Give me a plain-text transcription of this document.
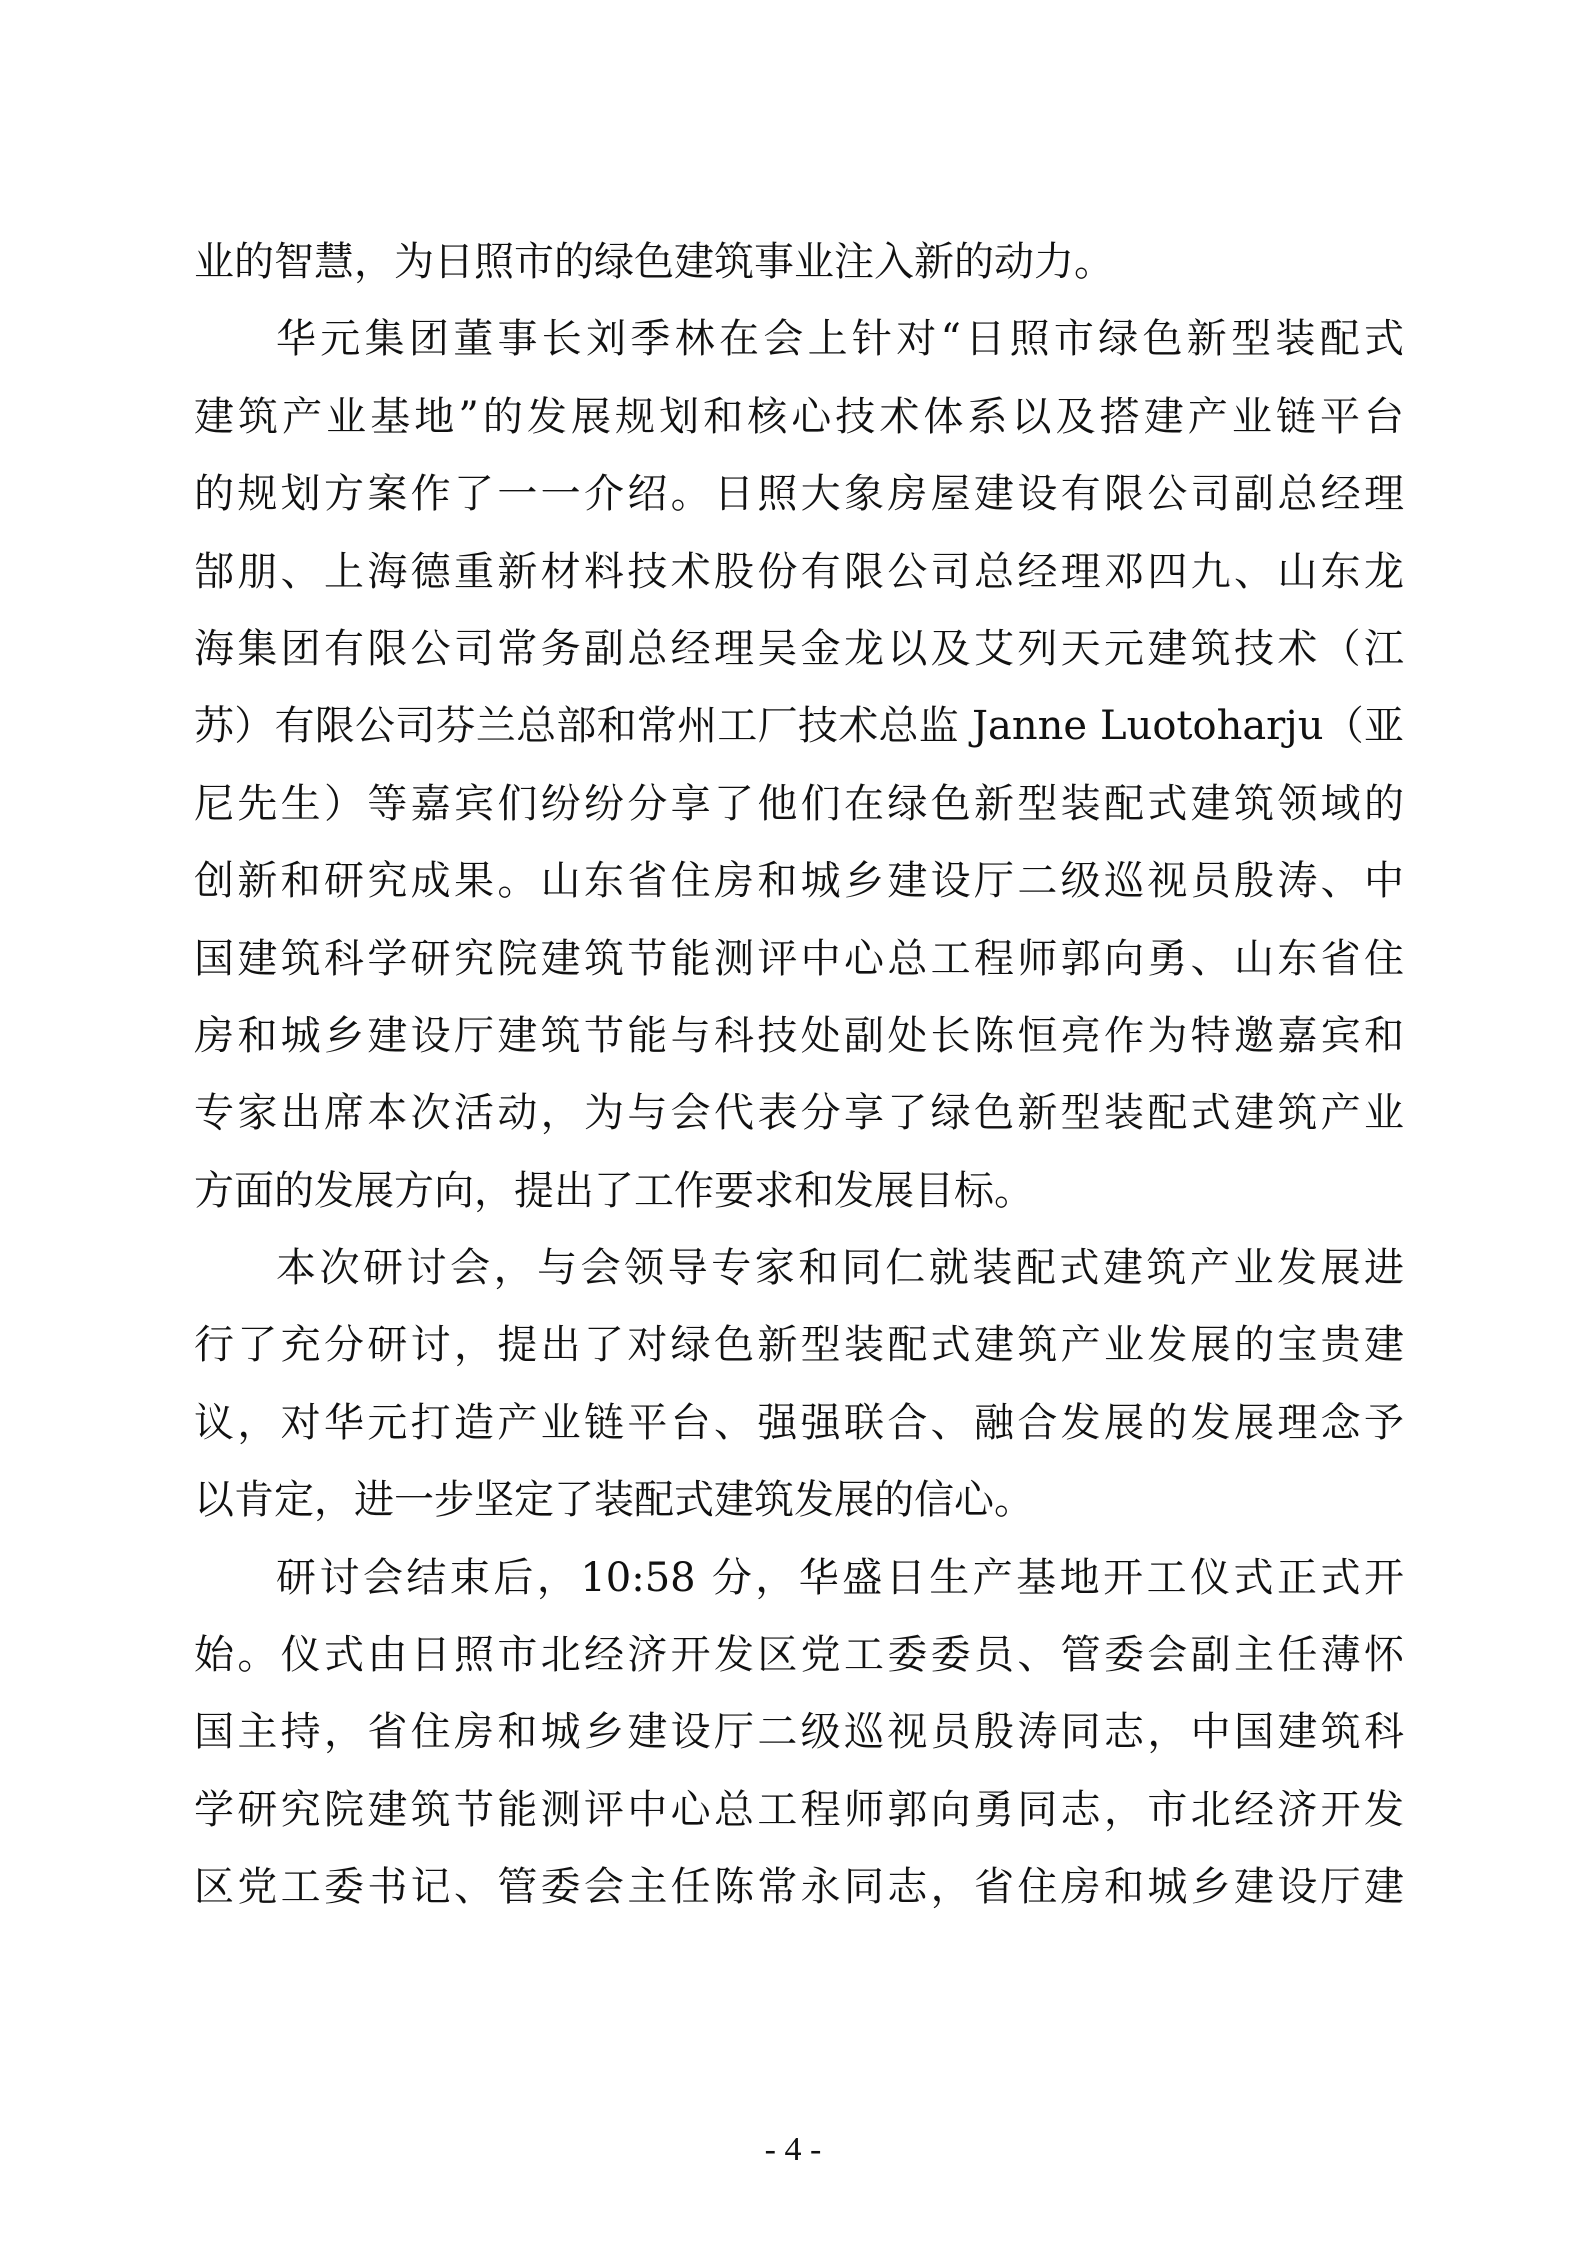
业的智慧，为日照市的绿色建筑事业注入新的动力。
华元集团董事长刘季林在会上针对“日照市绿色新型装配式
建筑产业基地”的发展规划和核心技术体系以及搭建产业链平台
的规划方案作了一一介绍。日照大象房屋建设有限公司副总经理
郜朋、上海德重新材料技术股份有限公司总经理邓四九、山东龙
海集团有限公司常务副总经理吴金龙以及艾列天元建筑技术（江
苏）有限公司芬兰总部和常州工厂技术总监 Janne Luotoharju（亚
尼先生）等嘉宾们纷纷分享了他们在绿色新型装配式建筑领域的
创新和研究成果。山东省住房和城乡建设厅二级巡视员殷涛、中
国建筑科学研究院建筑节能测评中心总工程师郭向勇、山东省住
房和城乡建设厅建筑节能与科技处副处长陈恒亮作为特邀嘉宾和
专家出席本次活动，为与会代表分享了绿色新型装配式建筑产业
方面的发展方向，提出了工作要求和发展目标。
本次研讨会，与会领导专家和同仁就装配式建筑产业发展进
行了充分研讨，提出了对绿色新型装配式建筑产业发展的宝贵建
议，对华元打造产业链平台、强强联合、融合发展的发展理念予
以肯定，进一步坚定了装配式建筑发展的信心。
研讨会结束后，10:58 分，华盛日生产基地开工仪式正式开
始。仪式由日照市北经济开发区党工委委员、管委会副主任薄怀
国主持，省住房和城乡建设厅二级巡视员殷涛同志，中国建筑科
学研究院建筑节能测评中心总工程师郭向勇同志，市北经济开发
区党工委书记、管委会主任陈常永同志，省住房和城乡建设厅建
- 4 -
